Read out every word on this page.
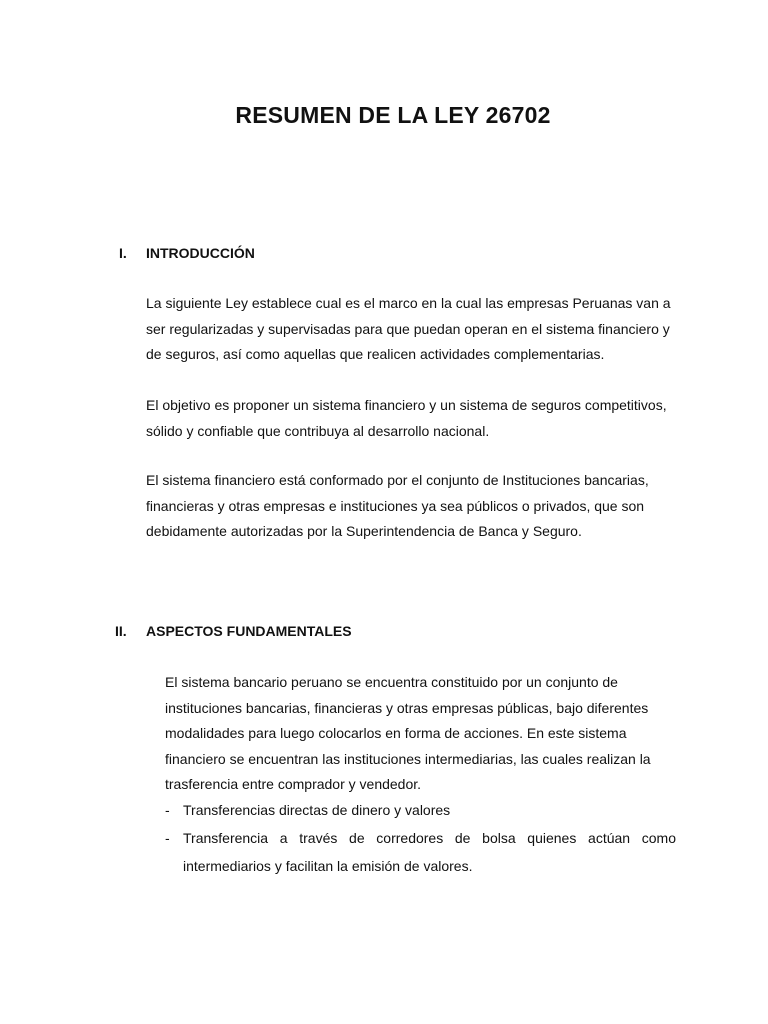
RESUMEN DE LA LEY 26702
I. INTRODUCCIÓN

La siguiente Ley establece cual es el marco en la cual las empresas Peruanas van a ser regularizadas y supervisadas para que puedan operan en el sistema financiero y de seguros, así como aquellas que realicen actividades complementarias.

El objetivo es proponer un sistema financiero y un sistema de seguros competitivos, sólido y confiable que contribuya al desarrollo nacional.

El sistema financiero está conformado por el conjunto de Instituciones bancarias, financieras y otras empresas e instituciones ya sea públicos o privados, que son debidamente autorizadas por la Superintendencia de Banca y Seguro.

II. ASPECTOS FUNDAMENTALES

El sistema bancario peruano se encuentra constituido por un conjunto de instituciones bancarias, financieras y otras empresas públicas, bajo diferentes modalidades para luego colocarlos en forma de acciones. En este sistema financiero se encuentran las instituciones intermediarias, las cuales realizan la trasferencia entre comprador y vendedor.

- Transferencias directas de dinero y valores
- Transferencia a través de corredores de bolsa quienes actúan como intermediarios y facilitan la emisión de valores.
